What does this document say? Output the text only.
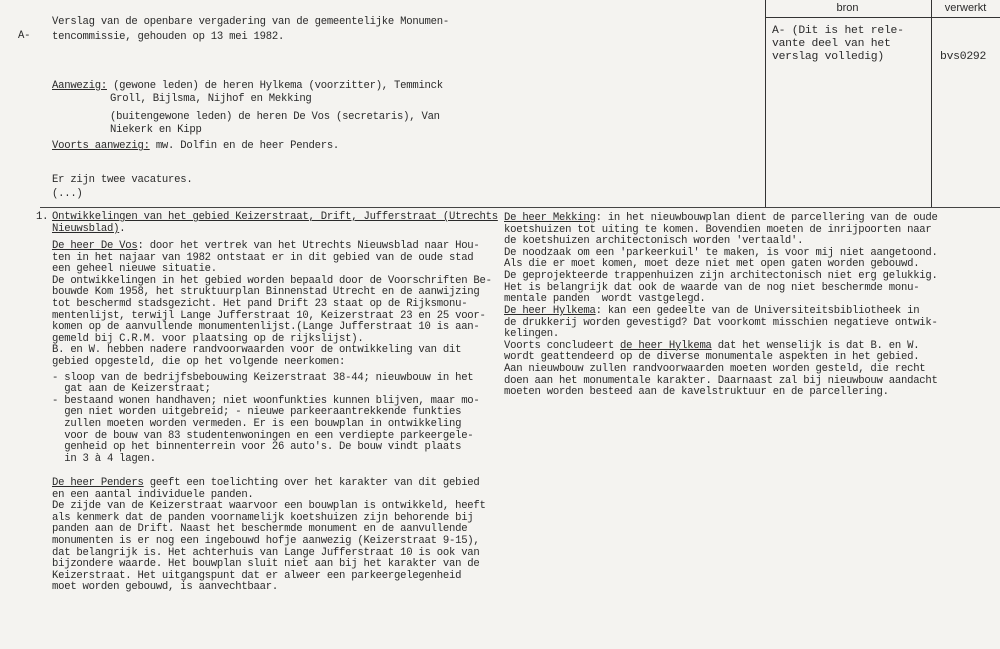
A-
Verslag van de openbare vergadering van de gemeentelijke Monumen-
tencommissie, gehouden op 13 mei 1982.
Aanwezig: (gewone leden) de heren Hylkema (voorzitter), Temminck
Groll, Bijlsma, Nijhof en Mekking
(buitengewone leden) de heren De Vos (secretaris), Van
Niekerk en Kipp
Voorts aanwezig: mw. Dolfin en de heer Penders.
Er zijn twee vacatures.
(...)
bron	verwerkt
A- (Dit is het rele-
vante deel van het
verslag volledig)	bvs0292
1. Ontwikkelingen van het gebied Keizerstraat, Drift, Jufferstraat (Utrechts
Nieuwsblad).
De heer De Vos: door het vertrek van het Utrechts Nieuwsblad naar Hou-
ten in het najaar van 1982 ontstaat er in dit gebied van de oude stad
een geheel nieuwe situatie.
De ontwikkelingen in het gebied worden bepaald door de Voorschriften Be-
bouwde Kom 1958, het struktuurplan Binnenstad Utrecht en de aanwijzing
tot beschermd stadsgezicht. Het pand Drift 23 staat op de Rijksmonu-
mentenlijst, terwijl Lange Jufferstraat 10, Keizerstraat 23 en 25 voor-
komen op de aanvullende monumentenlijst.(Lange Jufferstraat 10 is aan-
gemeld bij C.R.M. voor plaatsing op de rijkslijst).
B. en W. hebben nadere randvoorwaarden voor de ontwikkeling van dit
gebied opgesteld, die op het volgende neerkomen:
- sloop van de bedrijfsbebouwing Keizerstraat 38-44; nieuwbouw in het
gat aan de Keizerstraat;
- bestaand wonen handhaven; niet woonfunkties kunnen blijven, maar mo-
gen niet worden uitgebreid; - nieuwe parkeeraantrekkende funkties
zullen moeten worden vermeden. Er is een bouwplan in ontwikkeling
voor de bouw van 83 studentenwoningen en een verdiepte parkeergele-
genheid op het binnenterrein voor 26 auto's. De bouw vindt plaats
in 3 à 4 lagen.
De heer Penders geeft een toelichting over het karakter van dit gebied
en een aantal individuele panden.
De zijde van de Keizerstraat waarvoor een bouwplan is ontwikkeld, heeft
als kenmerk dat de panden voornamelijk koetshuizen zijn behorende bij
panden aan de Drift. Naast het beschermde monument en de aanvullende
monumenten is er nog een ingebouwd hofje aanwezig (Keizerstraat 9-15),
dat belangrijk is. Het achterhuis van Lange Jufferstraat 10 is ook van
bijzondere waarde. Het bouwplan sluit niet aan bij het karakter van de
Keizerstraat. Het uitgangspunt dat er alweer een parkeergelegenheid
moet worden gebouwd, is aanvechtbaar.
De heer Mekking: in het nieuwbouwplan dient de parcellering van de oude
koetshuizen tot uiting te komen. Bovendien moeten de inrijpoorten naar
de koetshuizen architectonisch worden 'vertaald'.
De noodzaak om een 'parkeerkuil' te maken, is voor mij niet aangetoond.
Als die er moet komen, moet deze niet met open gaten worden gebouwd.
De geprojekteerde trappenhuizen zijn architectonisch niet erg gelukkig.
Het is belangrijk dat ook de waarde van de nog niet beschermde monu-
mentale panden  wordt vastgelegd.
De heer Hylkema: kan een gedeelte van de Universiteitsbibliotheek in
de drukkerij worden gevestigd? Dat voorkomt misschien negatieve ontwik-
kelingen.
Voorts concludeert de heer Hylkema dat het wenselijk is dat B. en W.
wordt geattendeerd op de diverse monumentale aspekten in het gebied.
Aan nieuwbouw zullen randvoorwaarden moeten worden gesteld, die recht
doen aan het monumentale karakter. Daarnaast zal bij nieuwbouw aandacht
moeten worden besteed aan de kavelstruktuur en de parcellering.
